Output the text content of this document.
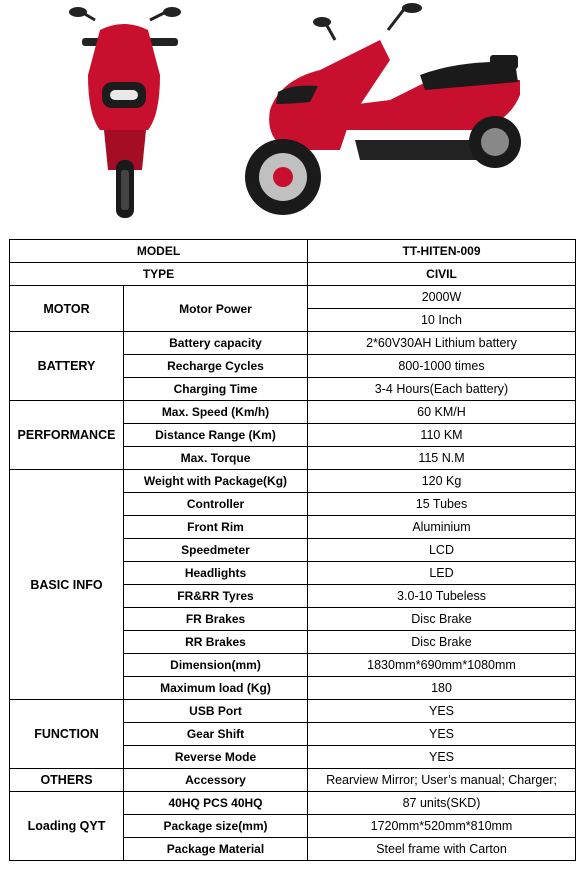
MODEL		TT-HITEN-009
TYPE		CIVIL
MOTOR	Motor Power	2000W
		10 Inch
BATTERY	Battery capacity	2*60V30AH Lithium battery
	Recharge Cycles	800-1000 times
	Charging Time	3-4 Hours(Each battery)
PERFORMANCE	Max. Speed (Km/h)	60 KM/H
	Distance Range (Km)	110 KM
	Max. Torque	115 N.M
BASIC INFO	Weight with Package(Kg)	120 Kg
	Controller	15 Tubes
	Front Rim	Aluminium
	Speedmeter	LCD
	Headlights	LED
	FR&RR Tyres	3.0-10 Tubeless
	FR Brakes	Disc Brake
	RR Brakes	Disc Brake
	Dimension(mm)	1830mm*690mm*1080mm
	Maximum load (Kg)	180
FUNCTION	USB Port	YES
	Gear Shift	YES
	Reverse Mode	YES
OTHERS	Accessory	Rearview Mirror; User’s manual; Charger;
Loading QYT	40HQ PCS 40HQ	87 units(SKD)
	Package size(mm)	1720mm*520mm*810mm
	Package Material	Steel frame with Carton
